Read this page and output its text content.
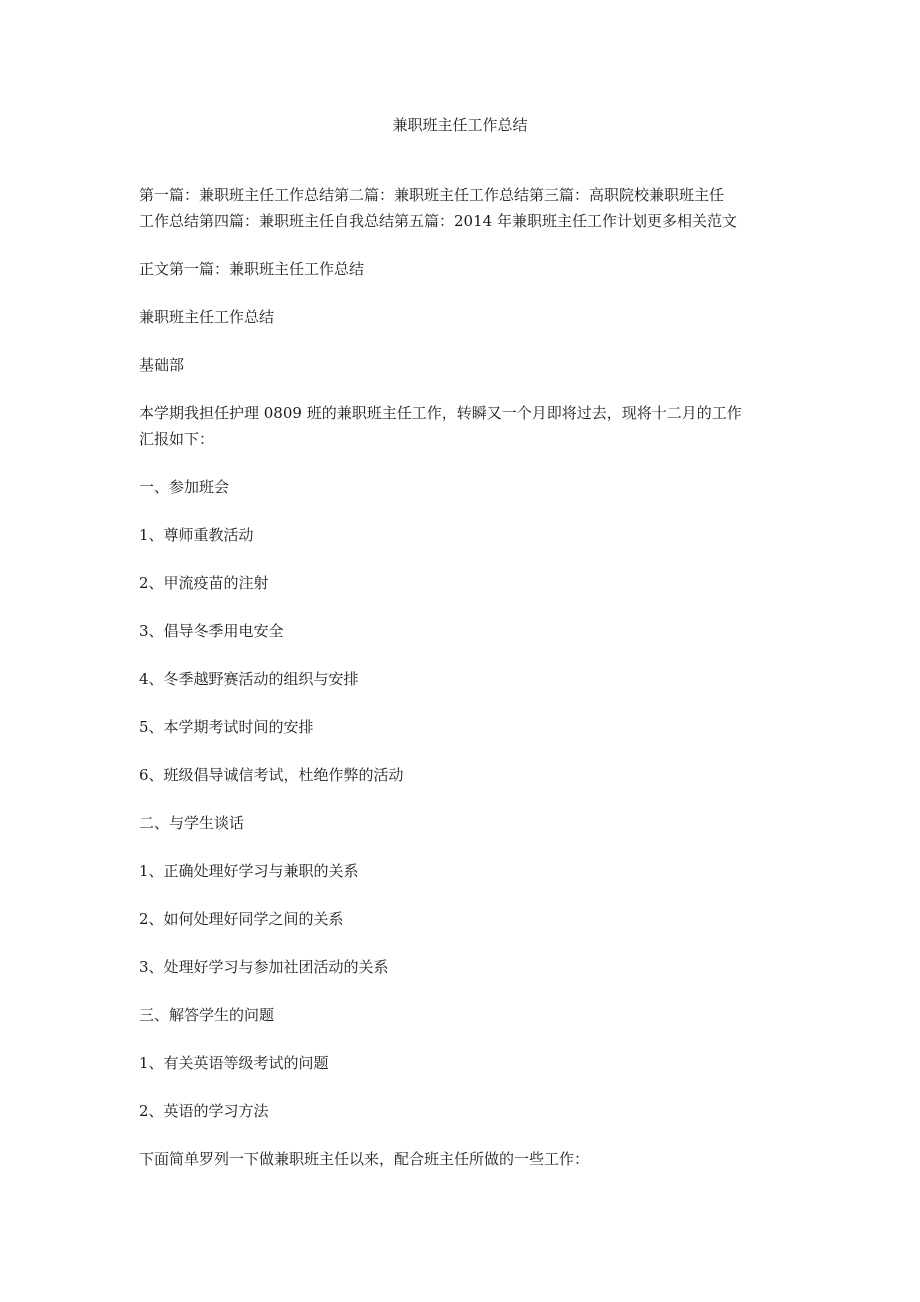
兼职班主任工作总结
第一篇：兼职班主任工作总结第二篇：兼职班主任工作总结第三篇：高职院校兼职班主任
工作总结第四篇：兼职班主任自我总结第五篇：2014 年兼职班主任工作计划更多相关范文
正文第一篇：兼职班主任工作总结
兼职班主任工作总结
基础部
本学期我担任护理 0809 班的兼职班主任工作，转瞬又一个月即将过去，现将十二月的工作
汇报如下：
一、参加班会
1、尊师重教活动
2、甲流疫苗的注射
3、倡导冬季用电安全
4、冬季越野赛活动的组织与安排
5、本学期考试时间的安排
6、班级倡导诚信考试，杜绝作弊的活动
二、与学生谈话
1、正确处理好学习与兼职的关系
2、如何处理好同学之间的关系
3、处理好学习与参加社团活动的关系
三、解答学生的问题
1、有关英语等级考试的问题
2、英语的学习方法
下面简单罗列一下做兼职班主任以来，配合班主任所做的一些工作：
